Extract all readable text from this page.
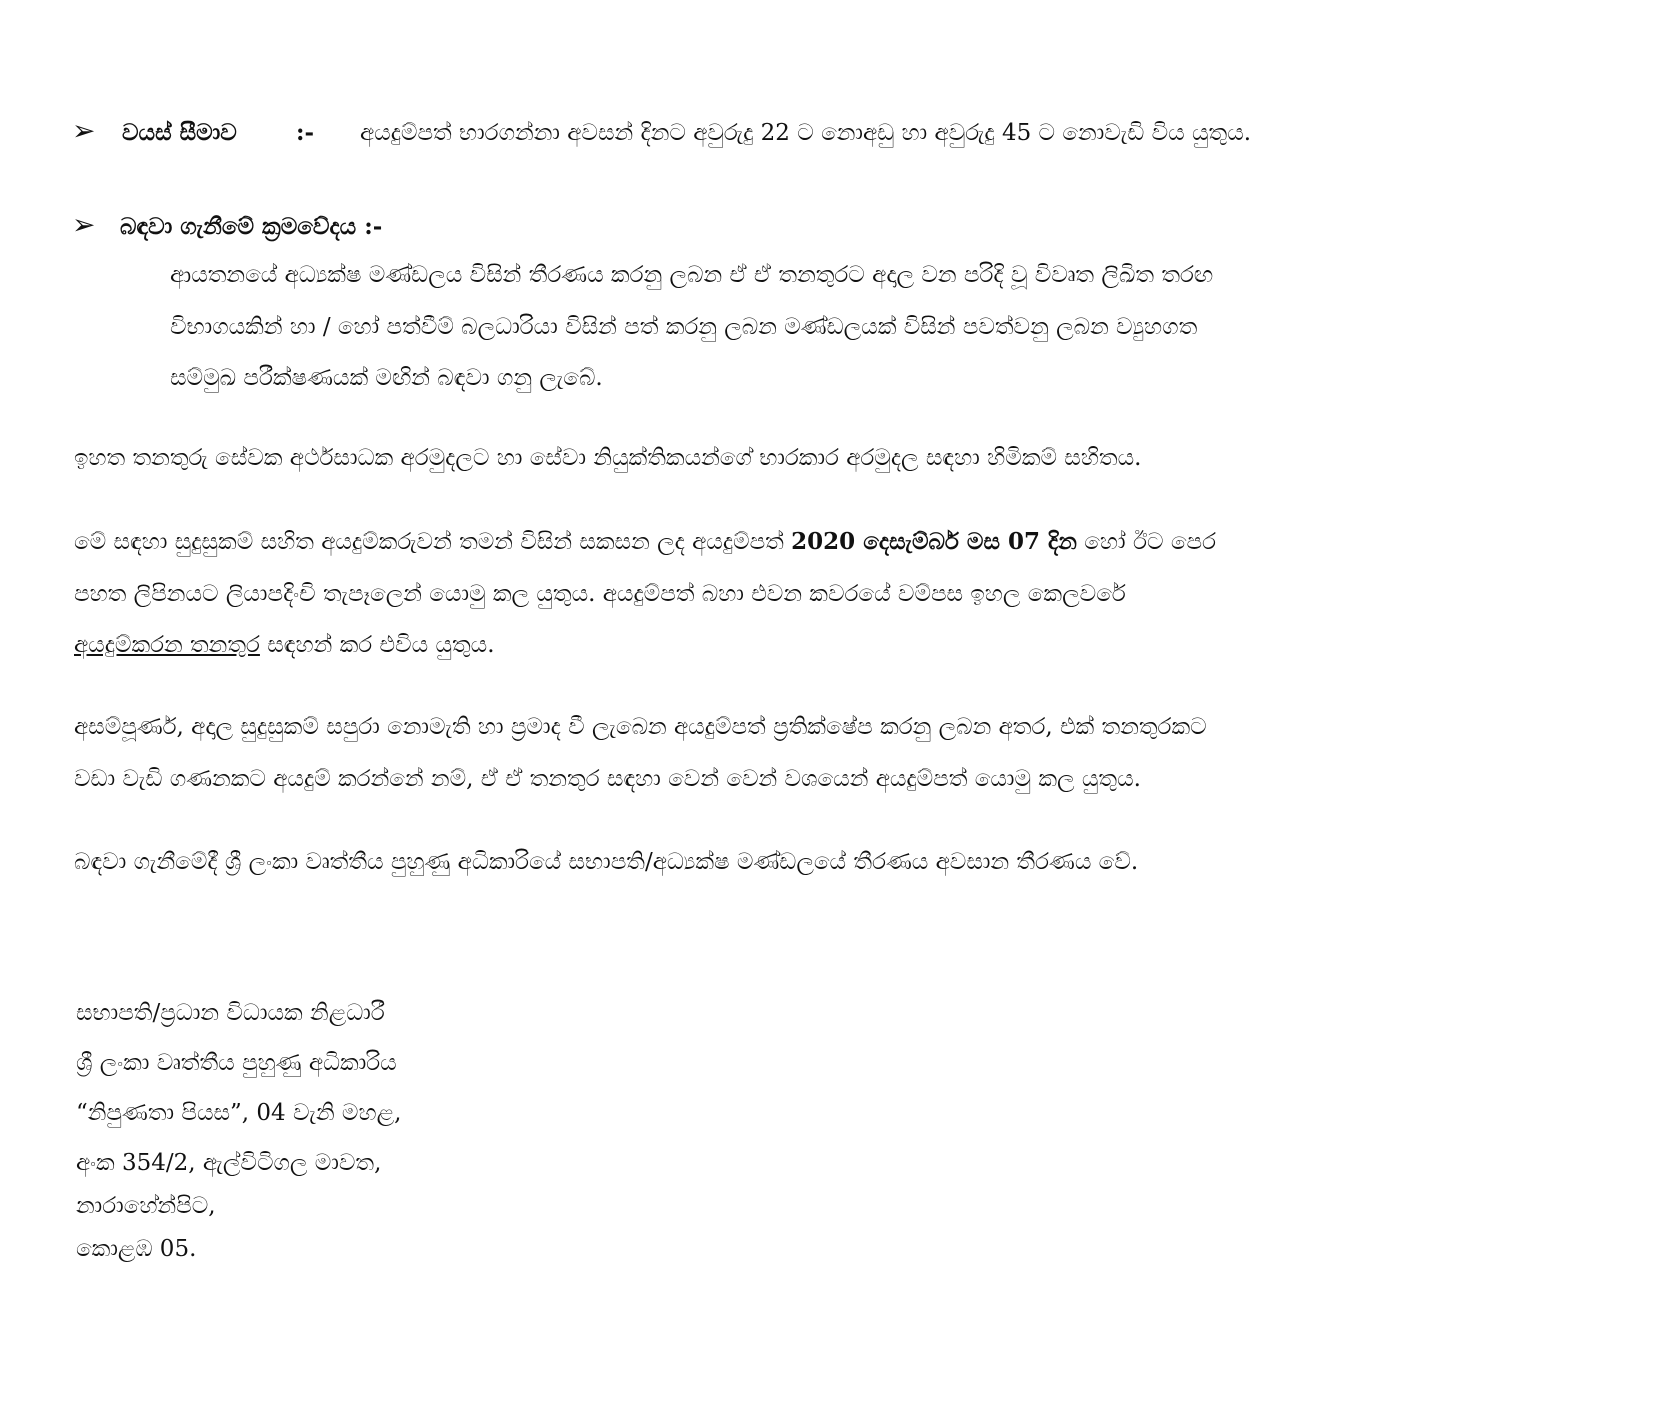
➢ වයස් සීමාව	:- අයදුම්පත් භාරගන්නා අවසන් දිනට අවුරුදු 22 ට නොඅඩු හා අවුරුදු 45 ට නොවැඩි විය යුතුය.
➢ බඳවා ගැනීමේ ක්‍රමවේදය :-
ආයතනයේ අධ්‍යක්ෂ මණ්ඩලය විසින් තීරණය කරනු ලබන ඒ ඒ තනතුරට අදාල වන පරිදි වූ විවෘත ලිඛිත තරඟ
විභාගයකින් හා / හෝ පත්වීම් බලධාරියා විසින් පත් කරනු ලබන මණ්ඩලයක් විසින් පවත්වනු ලබන ව්‍යුහගත
සම්මුඛ පරීක්ෂණයක් මඟින් බඳවා ගනු ලැබේ.
ඉහත තනතුරු සේවක අර්ථසාධක අරමුදලට හා සේවා නියුක්තිකයන්ගේ භාරකාර අරමුදල සඳහා හිමිකම් සහිතය.
මේ සඳහා සුදුසුකම් සහිත අයදුම්කරුවන් තමන් විසින් සකසන ලද අයදුම්පත් 2020 දෙසැම්බර් මස 07 දින හෝ ඊට පෙර
පහත ලිපිනයට ලියාපදිංචි තැපෑලෙන් යොමු කල යුතුය. අයදුම්පත් බහා එවන කවරයේ වම්පස ඉහල කෙලවරේ
අයදුම්කරන තනතුර සඳහන් කර එවිය යුතුය.
අසම්පූර්ණ, අදාල සුදුසුකම් සපුරා නොමැති හා ප්‍රමාද වී ලැබෙන අයදුම්පත් ප්‍රතික්ෂේප කරනු ලබන අතර, එක් තනතුරකට
වඩා වැඩි ගණනකට අයදුම් කරන්නේ නම්, ඒ ඒ තනතුර සඳහා වෙන් වෙන් වශයෙන් අයදුම්පත් යොමු කල යුතුය.
බඳවා ගැනීමේදී ශ්‍රී ලංකා වෘත්තීය පුහුණු අධිකාරියේ සභාපති/අධ්‍යක්ෂ මණ්ඩලයේ තීරණය අවසාන තීරණය වේ.
සභාපති/ප්‍රධාන විධායක නිළධාරී
ශ්‍රී ලංකා වෘත්තීය පුහුණු අධිකාරිය
“නිපුණතා පියස”, 04 වැනි මහළ,
අංක 354/2, ඇල්විටිගල මාවත,
නාරාහේන්පිට,
කොළඹ 05.
